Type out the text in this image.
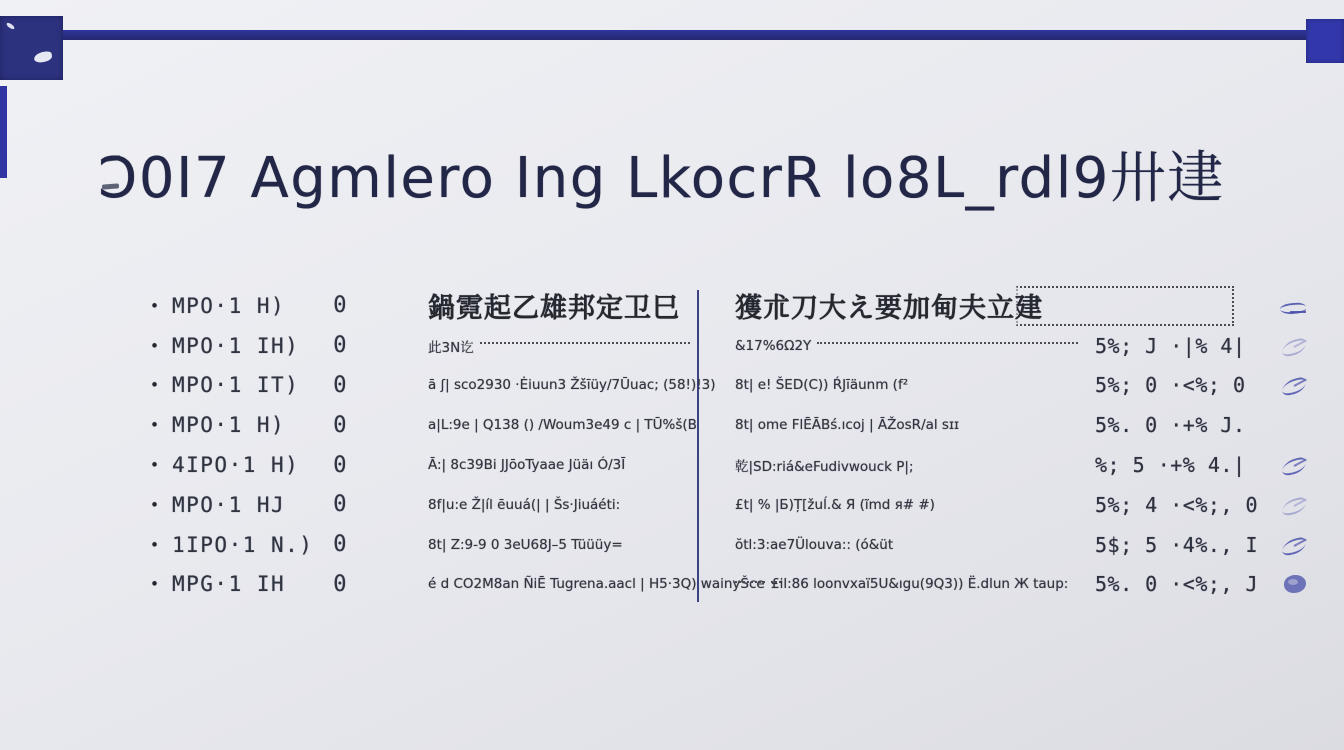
Ɔ0I7 Agmlero Ing LkocrR lo8L_rdl9卅䢖
• MPO·1 H) 0
• MPO·1 IH) 0
• MPO·1 IT) 0
• MPO·1 H) 0
• 4IPO·1 H) 0
• MPO·1 HJ 0
• 1IPO·1 N.) 0
• MPG·1 IH 0
鍋霓起乙雄邦定卫巳
此3N讫
ā ʃ| sco2930 ·Ėiuun3 Žšīüy/7Ūuac; (58!)!3)
a|L:9e | Q138 () /Woum3e49 c | TŪ%š(B
Ā:| 8c39Bi JJōoTyaae Jüäı Ó/3Ī
8f|u:e Ž|íl ēuuá(| | Šs·Jiuáéti:
8t| Z:9-9 0 3eU68J–5 Tüüüy=
é d CO2M8an ÑiĒ Tugrena.aacl | H5·3Q) wainyŠce
獲朮刀大え要加甸夫立建
&17%6Ω2Y
8t| e! ŠED(C)) ŔJīäunm (f²
8t| ome FlĒĀBś.ıcoj | ĀŽosR/al sɪɪ
乾|SD:riá&eFudivwouck P|;
£t| % |Б)Ț[žuĺ.& Я (ĩmd я# #)
ŏtl:3:ae7Ülouva:: (ó&üt
£il:86 loonvxaï5U&ıgu(9Q3)) Ё.dlun Ж taup:
5%; J ·|% 4|
5%; 0 ·<%; 0
5%. 0 ·+% J.
%; 5 ·+% 4.|
5%; 4 ·<%;, 0
5$; 5 ·4%., I
5%. 0 ·<%;, J
